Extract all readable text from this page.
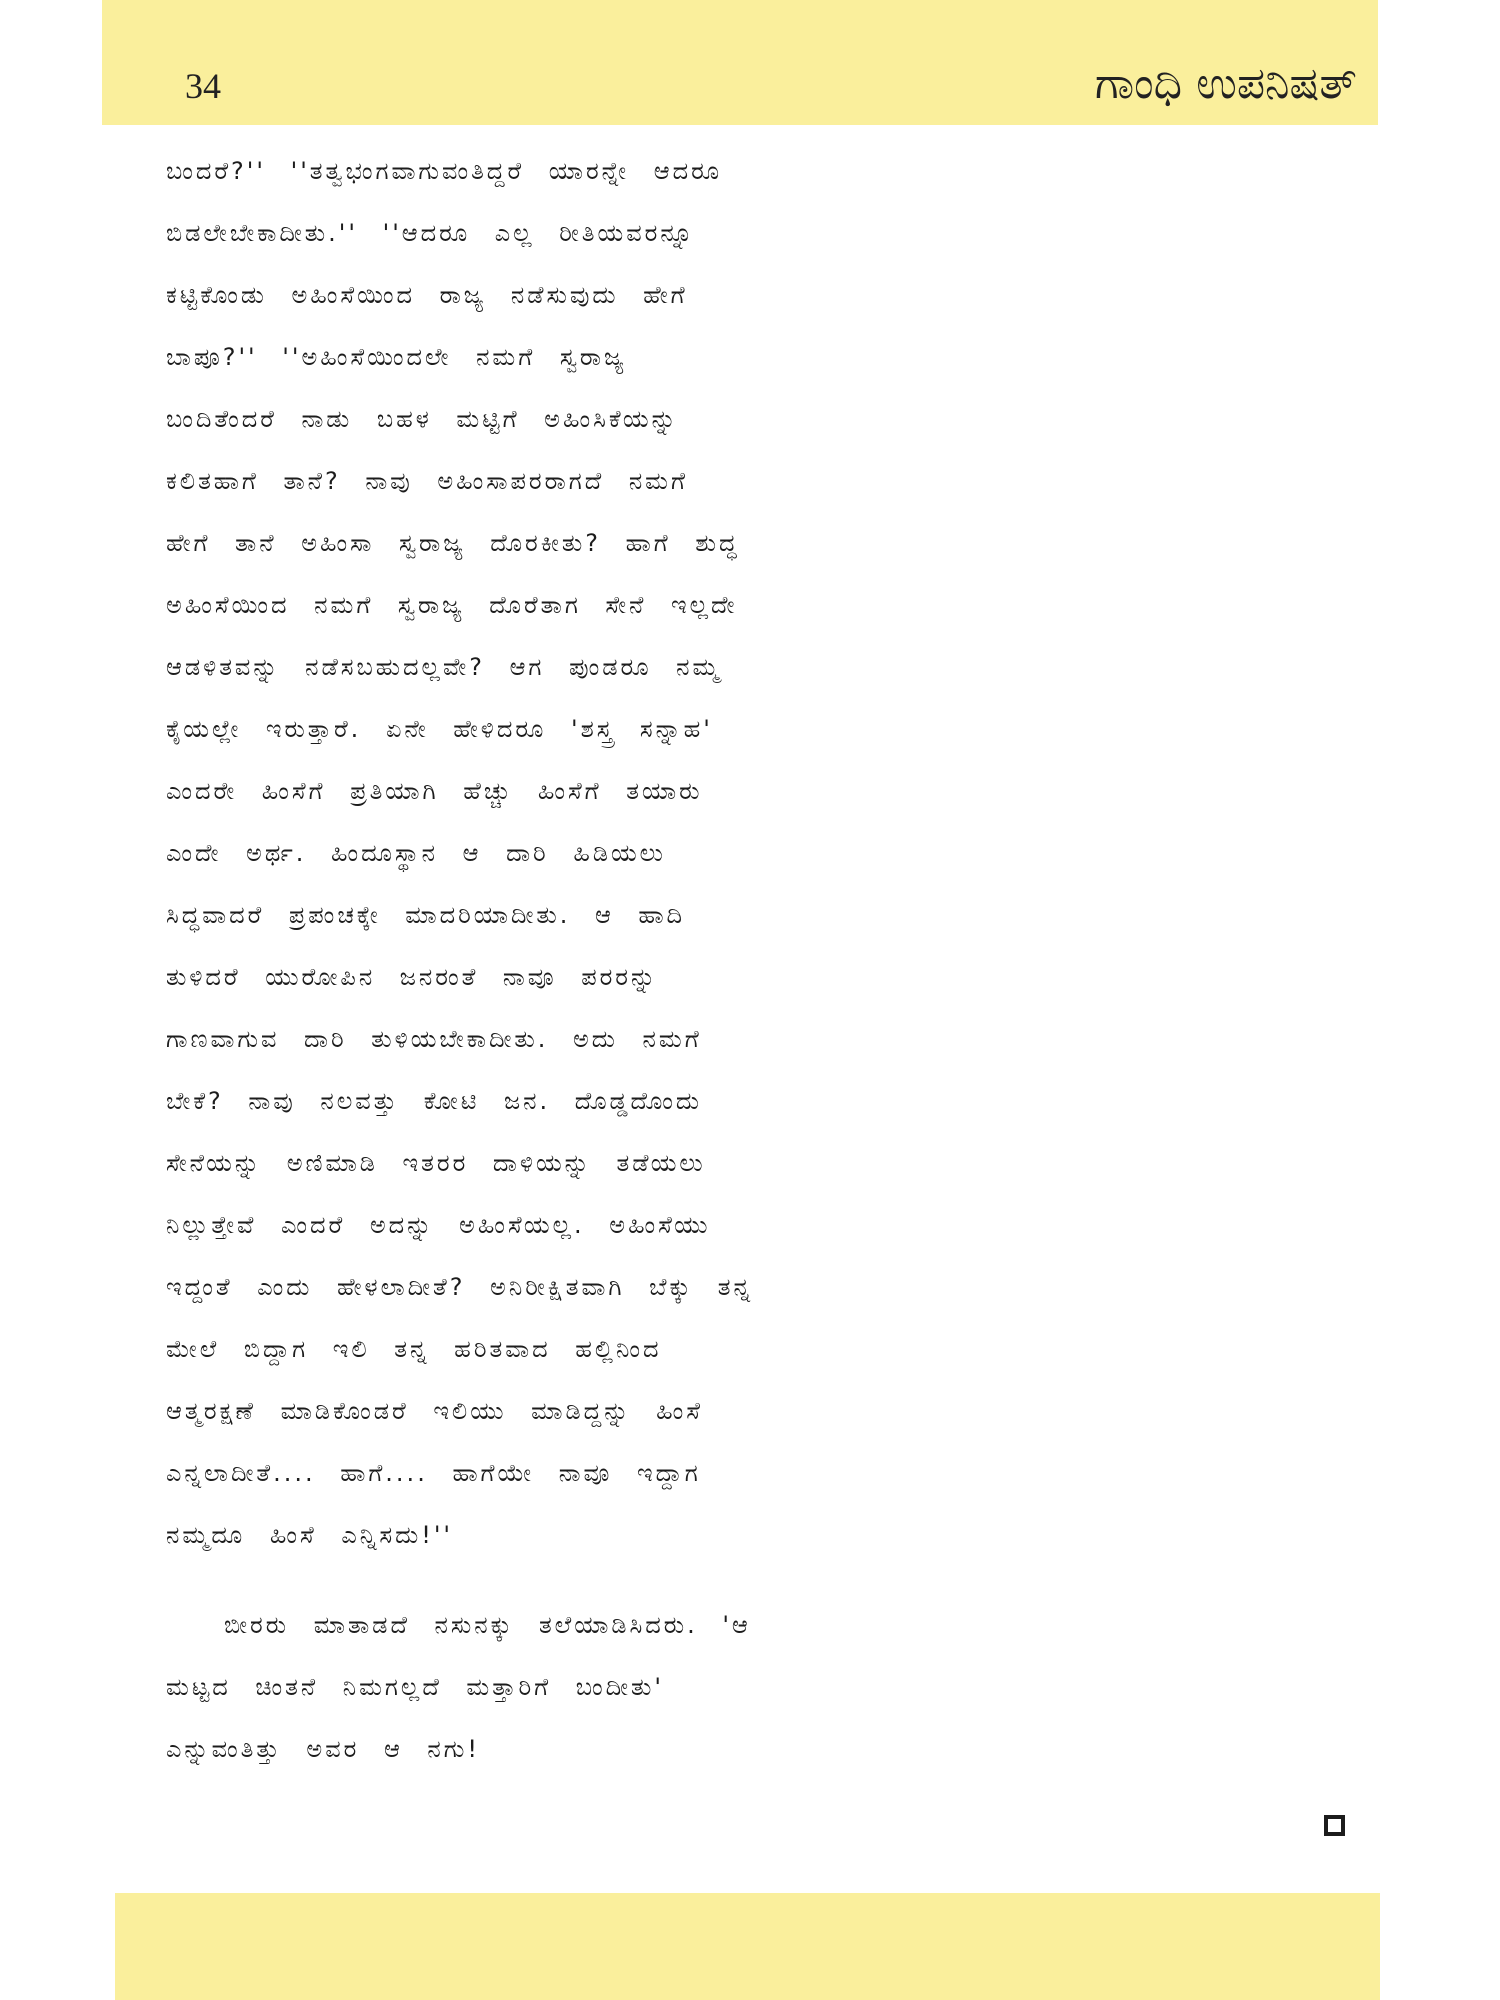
34	ಗಾಂಧಿ ಉಪನಿಷತ್
ಬಂದರೆ?'' ''ತತ್ವಭಂಗವಾಗುವಂತಿದ್ದರೆ ಯಾರನ್ನೇ ಆದರೂ
ಬಿಡಲೇಬೇಕಾದೀತು.'' ''ಆದರೂ ಎಲ್ಲ ರೀತಿಯವರನ್ನೂ
ಕಟ್ಟಿಕೊಂಡು ಅಹಿಂಸೆಯಿಂದ ರಾಜ್ಯ ನಡೆಸುವುದು ಹೇಗೆ
ಬಾಪೂ?'' ''ಅಹಿಂಸೆಯಿಂದಲೇ ನಮಗೆ ಸ್ವರಾಜ್ಯ
ಬಂದಿತೆಂದರೆ ನಾಡು ಬಹಳ ಮಟ್ಟಿಗೆ ಅಹಿಂಸಿಕೆಯನ್ನು
ಕಲಿತಹಾಗೆ ತಾನೆ? ನಾವು ಅಹಿಂಸಾಪರರಾಗದೆ ನಮಗೆ
ಹೇಗೆ ತಾನೆ ಅಹಿಂಸಾ ಸ್ವರಾಜ್ಯ ದೊರಕೀತು? ಹಾಗೆ ಶುದ್ಧ
ಅಹಿಂಸೆಯಿಂದ ನಮಗೆ ಸ್ವರಾಜ್ಯ ದೊರೆತಾಗ ಸೇನೆ ಇಲ್ಲದೇ
ಆಡಳಿತವನ್ನು ನಡೆಸಬಹುದಲ್ಲವೇ? ಆಗ ಪುಂಡರೂ ನಮ್ಮ
ಕೈಯಲ್ಲೇ ಇರುತ್ತಾರೆ. ಏನೇ ಹೇಳಿದರೂ 'ಶಸ್ತ್ರ ಸನ್ನಾಹ'
ಎಂದರೇ ಹಿಂಸೆಗೆ ಪ್ರತಿಯಾಗಿ ಹೆಚ್ಚು ಹಿಂಸೆಗೆ ತಯಾರು
ಎಂದೇ ಅರ್ಥ. ಹಿಂದೂಸ್ಥಾನ ಆ ದಾರಿ ಹಿಡಿಯಲು
ಸಿದ್ಧವಾದರೆ ಪ್ರಪಂಚಕ್ಕೇ ಮಾದರಿಯಾದೀತು. ಆ ಹಾದಿ
ತುಳಿದರೆ ಯುರೋಪಿನ ಜನರಂತೆ ನಾವೂ ಪರರನ್ನು
ಗಾಣವಾಗುವ ದಾರಿ ತುಳಿಯಬೇಕಾದೀತು. ಅದು ನಮಗೆ
ಬೇಕೆ? ನಾವು ನಲವತ್ತು ಕೋಟಿ ಜನ. ದೊಡ್ಡದೊಂದು
ಸೇನೆಯನ್ನು ಅಣಿಮಾಡಿ ಇತರರ ದಾಳಿಯನ್ನು ತಡೆಯಲು
ನಿಲ್ಲುತ್ತೇವೆ ಎಂದರೆ ಅದನ್ನು ಅಹಿಂಸೆಯಲ್ಲ. ಅಹಿಂಸೆಯು
ಇದ್ದಂತೆ ಎಂದು ಹೇಳಲಾದೀತೆ? ಅನಿರೀಕ್ಷಿತವಾಗಿ ಬೆಕ್ಕು ತನ್ನ
ಮೇಲೆ ಬಿದ್ದಾಗ ಇಲಿ ತನ್ನ ಹರಿತವಾದ ಹಲ್ಲಿನಿಂದ
ಆತ್ಮರಕ್ಷಣೆ ಮಾಡಿಕೊಂಡರೆ ಇಲಿಯು ಮಾಡಿದ್ದನ್ನು ಹಿಂಸೆ
ಎನ್ನಲಾದೀತೆ.... ಹಾಗೆ.... ಹಾಗೆಯೇ ನಾವೂ ಇದ್ದಾಗ
ನಮ್ಮದೂ ಹಿಂಸೆ ಎನ್ನಿಸದು!''
ಬೀರರು ಮಾತಾಡದೆ ನಸುನಕ್ಕು ತಲೆಯಾಡಿಸಿದರು. 'ಆ
ಮಟ್ಟದ ಚಿಂತನೆ ನಿಮಗಲ್ಲದೆ ಮತ್ತಾರಿಗೆ ಬಂದೀತು'
ಎನ್ನುವಂತಿತ್ತು ಅವರ ಆ ನಗು!
